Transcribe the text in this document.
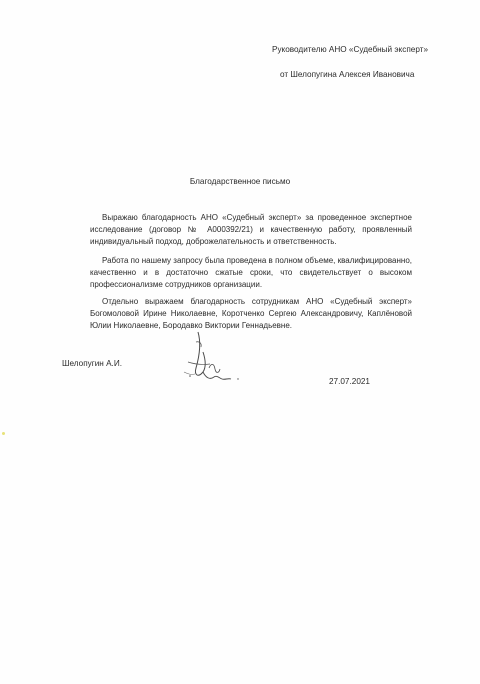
Руководителю АНО «Судебный эксперт»
от Шелопугина Алексея Ивановича
Благодарственное письмо

Выражаю благодарность АНО «Судебный эксперт» за проведенное экспертное исследование (договор № А000392/21) и качественную работу, проявленный индивидуальный подход, доброжелательность и ответственность.

Работа по нашему запросу была проведена в полном объеме, квалифицированно, качественно и в достаточно сжатые сроки, что свидетельствует о высоком профессионализме сотрудников организации.

Отдельно выражаем благодарность сотрудникам АНО «Судебный эксперт» Богомоловой Ирине Николаевне, Коротченко Сергею Александровичу, Каплёновой Юлии Николаевне, Бородавко Виктории Геннадьевне.

Шелопугин А.И.
27.07.2021
